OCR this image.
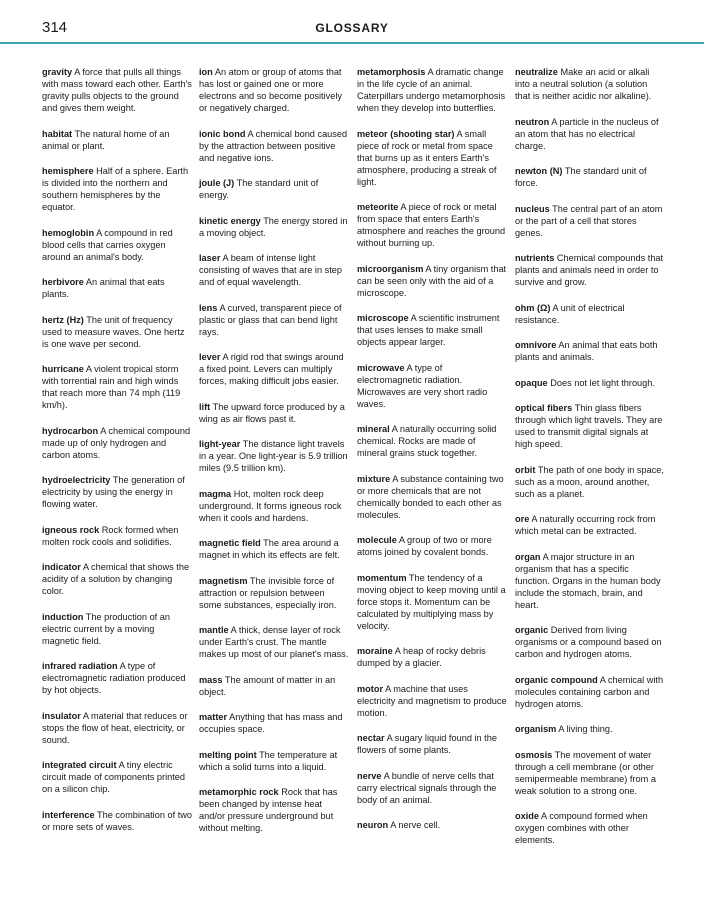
314	GLOSSARY

gravity A force that pulls all things with mass toward each other. Earth's gravity pulls objects to the ground and gives them weight.

habitat The natural home of an animal or plant.

hemisphere Half of a sphere. Earth is divided into the northern and southern hemispheres by the equator.

hemoglobin A compound in red blood cells that carries oxygen around an animal's body.

herbivore An animal that eats plants.

hertz (Hz) The unit of frequency used to measure waves. One hertz is one wave per second.

hurricane A violent tropical storm with torrential rain and high winds that reach more than 74 mph (119 km/h).

hydrocarbon A chemical compound made up of only hydrogen and carbon atoms.

hydroelectricity The generation of electricity by using the energy in flowing water.

igneous rock Rock formed when molten rock cools and solidifies.

indicator A chemical that shows the acidity of a solution by changing color.

induction The production of an electric current by a moving magnetic field.

infrared radiation A type of electromagnetic radiation produced by hot objects.

insulator A material that reduces or stops the flow of heat, electricity, or sound.

integrated circuit A tiny electric circuit made of components printed on a silicon chip.

interference The combination of two or more sets of waves.

ion An atom or group of atoms that has lost or gained one or more electrons and so become positively or negatively charged.

ionic bond A chemical bond caused by the attraction between positive and negative ions.

joule (J) The standard unit of energy.

kinetic energy The energy stored in a moving object.

laser A beam of intense light consisting of waves that are in step and of equal wavelength.

lens A curved, transparent piece of plastic or glass that can bend light rays.

lever A rigid rod that swings around a fixed point. Levers can multiply forces, making difficult jobs easier.

lift The upward force produced by a wing as air flows past it.

light-year The distance light travels in a year. One light-year is 5.9 trillion miles (9.5 trillion km).

magma Hot, molten rock deep underground. It forms igneous rock when it cools and hardens.

magnetic field The area around a magnet in which its effects are felt.

magnetism The invisible force of attraction or repulsion between some substances, especially iron.

mantle A thick, dense layer of rock under Earth's crust. The mantle makes up most of our planet's mass.

mass The amount of matter in an object.

matter Anything that has mass and occupies space.

melting point The temperature at which a solid turns into a liquid.

metamorphic rock Rock that has been changed by intense heat and/or pressure underground but without melting.

metamorphosis A dramatic change in the life cycle of an animal. Caterpillars undergo metamorphosis when they develop into butterflies.

meteor (shooting star) A small piece of rock or metal from space that burns up as it enters Earth's atmosphere, producing a streak of light.

meteorite A piece of rock or metal from space that enters Earth's atmosphere and reaches the ground without burning up.

microorganism A tiny organism that can be seen only with the aid of a microscope.

microscope A scientific instrument that uses lenses to make small objects appear larger.

microwave A type of electromagnetic radiation. Microwaves are very short radio waves.

mineral A naturally occurring solid chemical. Rocks are made of mineral grains stuck together.

mixture A substance containing two or more chemicals that are not chemically bonded to each other as molecules.

molecule A group of two or more atoms joined by covalent bonds.

momentum The tendency of a moving object to keep moving until a force stops it. Momentum can be calculated by multiplying mass by velocity.

moraine A heap of rocky debris dumped by a glacier.

motor A machine that uses electricity and magnetism to produce motion.

nectar A sugary liquid found in the flowers of some plants.

nerve A bundle of nerve cells that carry electrical signals through the body of an animal.

neuron A nerve cell.

neutralize Make an acid or alkali into a neutral solution (a solution that is neither acidic nor alkaline).

neutron A particle in the nucleus of an atom that has no electrical charge.

newton (N) The standard unit of force.

nucleus The central part of an atom or the part of a cell that stores genes.

nutrients Chemical compounds that plants and animals need in order to survive and grow.

ohm (Ω) A unit of electrical resistance.

omnivore An animal that eats both plants and animals.

opaque Does not let light through.

optical fibers Thin glass fibers through which light travels. They are used to transmit digital signals at high speed.

orbit The path of one body in space, such as a moon, around another, such as a planet.

ore A naturally occurring rock from which metal can be extracted.

organ A major structure in an organism that has a specific function. Organs in the human body include the stomach, brain, and heart.

organic Derived from living organisms or a compound based on carbon and hydrogen atoms.

organic compound A chemical with molecules containing carbon and hydrogen atoms.

organism A living thing.

osmosis The movement of water through a cell membrane (or other semipermeable membrane) from a weak solution to a strong one.

oxide A compound formed when oxygen combines with other elements.
